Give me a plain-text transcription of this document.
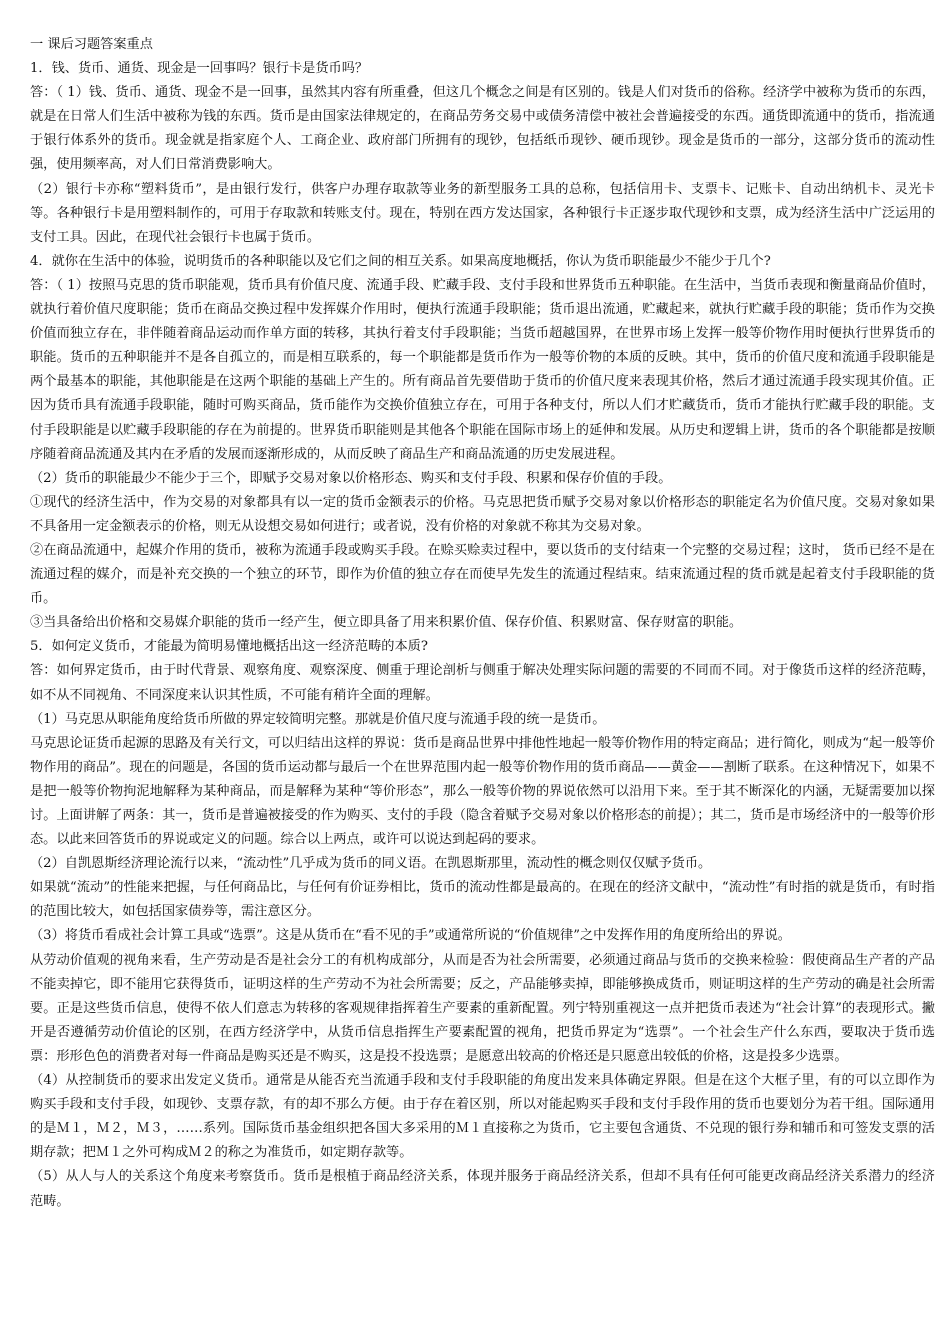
一 课后习题答案重点

1．钱、货币、通货、现金是一回事吗？银行卡是货币吗？

答：（ 1）钱、货币、通货、现金不是一回事，虽然其内容有所重叠，但这几个概念之间是有区别的。钱是人们对货币的俗称。经济学中被称为货币的东西，就是在日常人们生活中被称为钱的东西。货币是由国家法律规定的，在商品劳务交易中或债务清偿中被社会普遍接受的东西。通货即流通中的货币，指流通于银行体系外的货币。现金就是指家庭个人、工商企业、政府部门所拥有的现钞，包括纸币现钞、硬币现钞。现金是货币的一部分，这部分货币的流动性强，使用频率高，对人们日常消费影响大。

（2）银行卡亦称“塑料货币”，是由银行发行，供客户办理存取款等业务的新型服务工具的总称，包括信用卡、支票卡、记账卡、自动出纳机卡、灵光卡等。各种银行卡是用塑料制作的，可用于存取款和转账支付。现在，特别在西方发达国家，各种银行卡正逐步取代现钞和支票，成为经济生活中广泛运用的支付工具。因此，在现代社会银行卡也属于货币。

4．就你在生活中的体验，说明货币的各种职能以及它们之间的相互关系。如果高度地概括，你认为货币职能最少不能少于几个?

答：（ 1）按照马克思的货币职能观，货币具有价值尺度、流通手段、贮藏手段、支付手段和世界货币五种职能。在生活中，当货币表现和衡量商品价值时，就执行着价值尺度职能；货币在商品交换过程中发挥媒介作用时，便执行流通手段职能；货币退出流通，贮藏起来，就执行贮藏手段的职能；货币作为交换价值而独立存在，非伴随着商品运动而作单方面的转移，其执行着支付手段职能；当货币超越国界，在世界市场上发挥一般等价物作用时便执行世界货币的职能。货币的五种职能并不是各自孤立的，而是相互联系的，每一个职能都是货币作为一般等价物的本质的反映。其中，货币的价值尺度和流通手段职能是两个最基本的职能，其他职能是在这两个职能的基础上产生的。所有商品首先要借助于货币的价值尺度来表现其价格，然后才通过流通手段实现其价值。正因为货币具有流通手段职能，随时可购买商品，货币能作为交换价值独立存在，可用于各种支付，所以人们才贮藏货币，货币才能执行贮藏手段的职能。支付手段职能是以贮藏手段职能的存在为前提的。世界货币职能则是其他各个职能在国际市场上的延伸和发展。从历史和逻辑上讲，货币的各个职能都是按顺序随着商品流通及其内在矛盾的发展而逐渐形成的，从而反映了商品生产和商品流通的历史发展进程。

（2）货币的职能最少不能少于三个，即赋予交易对象以价格形态、购买和支付手段、积累和保存价值的手段。

①现代的经济生活中，作为交易的对象都具有以一定的货币金额表示的价格。马克思把货币赋予交易对象以价格形态的职能定名为价值尺度。交易对象如果不具备用一定金额表示的价格，则无从设想交易如何进行；或者说，没有价格的对象就不称其为交易对象。

②在商品流通中，起媒介作用的货币，被称为流通手段或购买手段。在赊买赊卖过程中，要以货币的支付结束一个完整的交易过程；这时， 货币已经不是在流通过程的媒介，而是补充交换的一个独立的环节，即作为价值的独立存在而使早先发生的流通过程结束。结束流通过程的货币就是起着支付手段职能的货币。

③当具备给出价格和交易媒介职能的货币一经产生，便立即具备了用来积累价值、保存价值、积累财富、保存财富的职能。

5．如何定义货币，才能最为简明易懂地概括出这一经济范畴的本质?

答：如何界定货币，由于时代背景、观察角度、观察深度、侧重于理论剖析与侧重于解决处理实际问题的需要的不同而不同。对于像货币这样的经济范畴，如不从不同视角、不同深度来认识其性质，不可能有稍许全面的理解。

（1）马克思从职能角度给货币所做的界定较简明完整。那就是价值尺度与流通手段的统一是货币。

马克思论证货币起源的思路及有关行文，可以归结出这样的界说：货币是商品世界中排他性地起一般等价物作用的特定商品；进行简化，则成为“起一般等价物作用的商品”。现在的问题是，各国的货币运动都与最后一个在世界范围内起一般等价物作用的货币商品——黄金——割断了联系。在这种情况下，如果不是把一般等价物拘泥地解释为某种商品，而是解释为某种“等价形态”，那么一般等价物的界说依然可以沿用下来。至于其不断深化的内涵，无疑需要加以探讨。上面讲解了两条：其一，货币是普遍被接受的作为购买、支付的手段（隐含着赋予交易对象以价格形态的前提）；其二，货币是市场经济中的一般等价形态。以此来回答货币的界说或定义的问题。综合以上两点，或许可以说达到起码的要求。

（2）自凯恩斯经济理论流行以来，“流动性”几乎成为货币的同义语。在凯恩斯那里，流动性的概念则仅仅赋予货币。

如果就“流动”的性能来把握，与任何商品比，与任何有价证券相比，货币的流动性都是最高的。在现在的经济文献中，“流动性”有时指的就是货币，有时指的范围比较大，如包括国家债券等，需注意区分。

（3）将货币看成社会计算工具或“选票”。这是从货币在“看不见的手”或通常所说的“价值规律”之中发挥作用的角度所给出的界说。

从劳动价值观的视角来看，生产劳动是否是社会分工的有机构成部分，从而是否为社会所需要，必须通过商品与货币的交换来检验：假使商品生产者的产品不能卖掉它，即不能用它获得货币，证明这样的生产劳动不为社会所需要；反之，产品能够卖掉，即能够换成货币，则证明这样的生产劳动的确是社会所需要。正是这些货币信息，使得不依人们意志为转移的客观规律指挥着生产要素的重新配置。列宁特别重视这一点并把货币表述为“社会计算”的表现形式。撇开是否遵循劳动价值论的区别，在西方经济学中，从货币信息指挥生产要素配置的视角，把货币界定为“选票”。一个社会生产什么东西，要取决于货币选票：形形色色的消费者对每一件商品是购买还是不购买，这是投不投选票；是愿意出较高的价格还是只愿意出较低的价格，这是投多少选票。

（4）从控制货币的要求出发定义货币。通常是从能否充当流通手段和支付手段职能的角度出发来具体确定界限。但是在这个大框子里，有的可以立即作为购买手段和支付手段，如现钞、支票存款，有的却不那么方便。由于存在着区别，所以对能起购买手段和支付手段作用的货币也要划分为若干组。国际通用的是Ｍ１，Ｍ２，Ｍ３，……系列。国际货币基金组织把各国大多采用的Ｍ１直接称之为货币，它主要包含通货、不兑现的银行券和辅币和可签发支票的活期存款；把Ｍ１之外可构成Ｍ２的称之为准货币，如定期存款等。

（5）从人与人的关系这个角度来考察货币。货币是根植于商品经济关系，体现并服务于商品经济关系，但却不具有任何可能更改商品经济关系潜力的经济范畴。
